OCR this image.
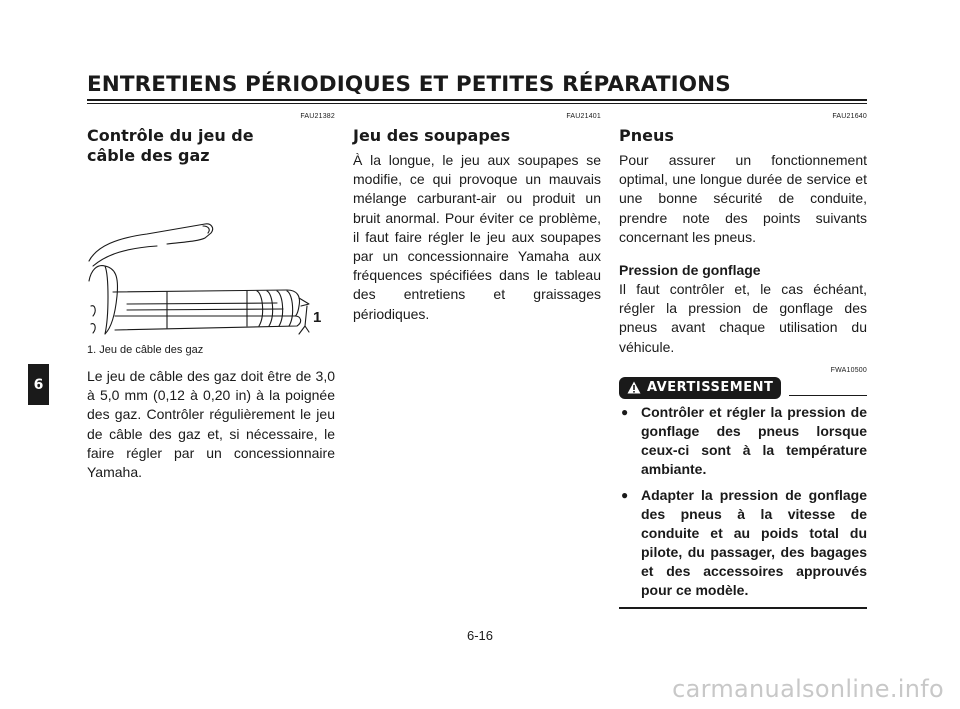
ENTRETIENS PÉRIODIQUES ET PETITES RÉPARATIONS
6
FAU21382
Contrôle du jeu de
câble des gaz
1
1. Jeu de câble des gaz

Le jeu de câble des gaz doit être de 3,0 à 5,0 mm (0,12 à 0,20 in) à la poignée des gaz. Contrôler régulièrement le jeu de câble des gaz et, si nécessaire, le faire régler par un concessionnaire Yamaha.

FAU21401
Jeu des soupapes

À la longue, le jeu aux soupapes se modifie, ce qui provoque un mauvais mélange carburant-air ou produit un bruit anormal. Pour éviter ce problème, il faut faire régler le jeu aux soupapes par un concessionnaire Yamaha aux fréquences spécifiées dans le tableau des entretiens et graissages périodiques.

FAU21640
Pneus

Pour assurer un fonctionnement optimal, une longue durée de service et une bonne sécurité de conduite, prendre note des points suivants concernant les pneus.

Pression de gonflage

Il faut contrôler et, le cas échéant, régler la pression de gonflage des pneus avant chaque utilisation du véhicule.

FWA10500
AVERTISSEMENT
● Contrôler et régler la pression de gonflage des pneus lorsque ceux-ci sont à la température ambiante.
● Adapter la pression de gonflage des pneus à la vitesse de conduite et au poids total du pilote, du passager, des bagages et des accessoires approuvés pour ce modèle.
6-16
carmanualsonline.info
